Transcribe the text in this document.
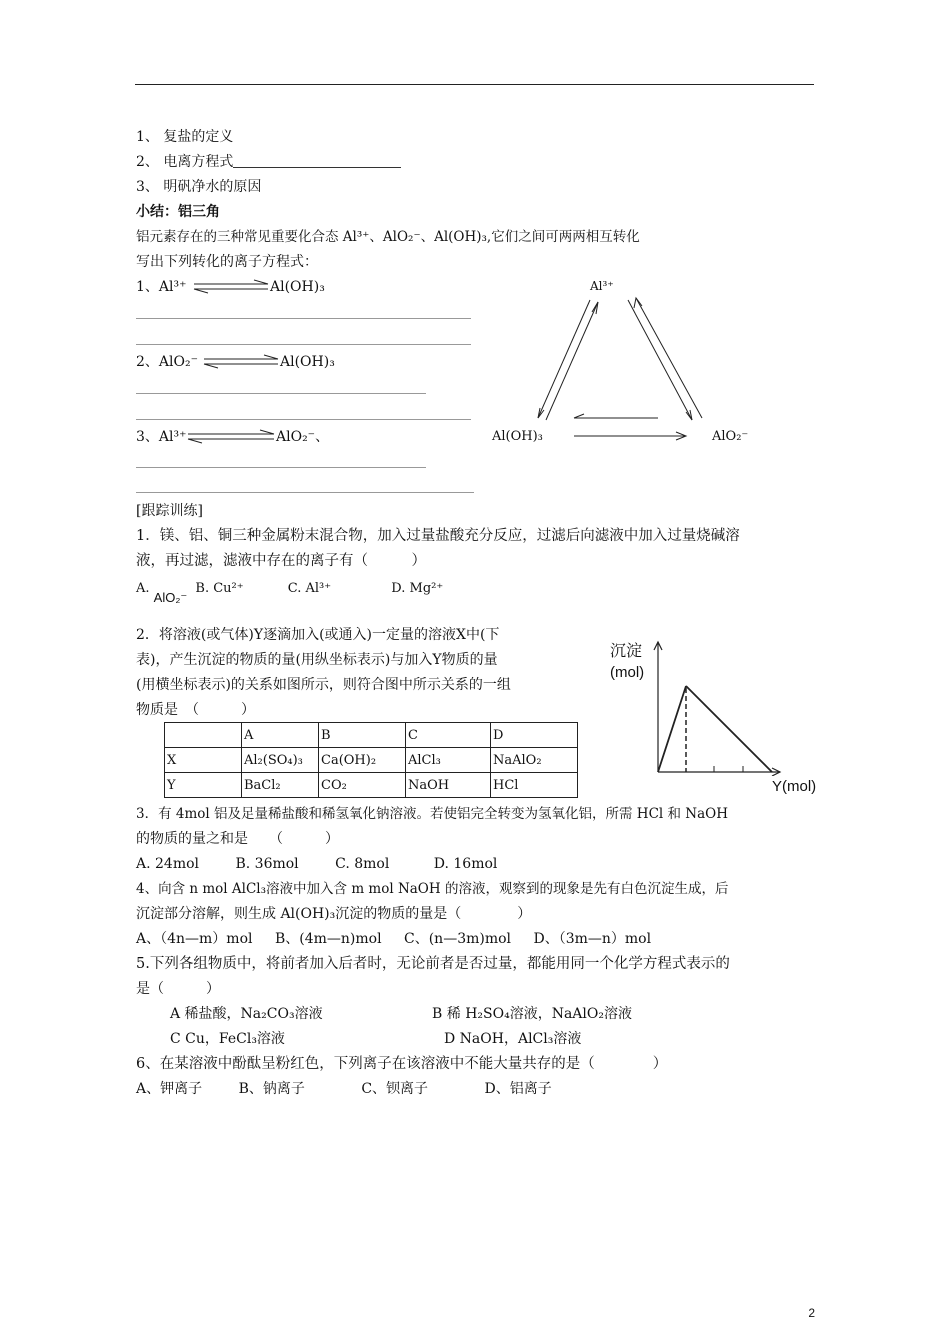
1、 复盐的定义
2、 电离方程式
3、 明矾净水的原因
小结：铝三角
铝元素存在的三种常见重要化合态 Al³⁺、AlO₂⁻、Al(OH)₃,它们之间可两两相互转化
写出下列转化的离子方程式：
1、Al³⁺	Al(OH)₃
2、AlO₂⁻	Al(OH)₃
3、Al³⁺	AlO₂⁻、
Al³⁺
Al(OH)₃	AlO₂⁻
[跟踪训练]
1．镁、铝、铜三种金属粉末混合物，加入过量盐酸充分反应，过滤后向滤液中加入过量烧碱溶
液，再过滤，滤液中存在的离子有（　　　）
A. AlO₂⁻ B. Cu²⁺	C. Al³⁺	D. Mg²⁺
2．将溶液(或气体)Y逐滴加入(或通入)一定量的溶液X中(下
表)，产生沉淀的物质的量(用纵坐标表示)与加入Y物质的量
(用横坐标表示)的关系如图所示，则符合图中所示关系的一组
物质是　（　　　）
	A	B	C	D
X	Al₂(SO₄)₃	Ca(OH)₂	AlCl₃	NaAlO₂
Y	BaCl₂	CO₂	NaOH	HCl
沉淀
(mol)
Y(mol)
3．有 4mol 铝及足量稀盐酸和稀氢氧化钠溶液。若使铝完全转变为氢氧化铝，所需 HCl 和 NaOH
的物质的量之和是　　（　　　）
A. 24mol	B. 36mol	C. 8mol	D. 16mol
4、向含 n mol AlCl₃溶液中加入含 m mol NaOH 的溶液，观察到的现象是先有白色沉淀生成，后
沉淀部分溶解，则生成 Al(OH)₃沉淀的物质的量是（　　　　）
A、（4n—m）mol B、(4m—n)mol C、(n—3m)mol D、（3m—n）mol
5.下列各组物质中，将前者加入后者时，无论前者是否过量，都能用同一个化学方程式表示的
是（　　　）
A 稀盐酸，Na₂CO₃溶液	B 稀 H₂SO₄溶液，NaAlO₂溶液
C Cu，FeCl₃溶液	D NaOH，AlCl₃溶液
6、在某溶液中酚酞呈粉红色，下列离子在该溶液中不能大量共存的是（　　　　）
A、钾离子	B、钠离子	C、钡离子	D、铝离子
2
